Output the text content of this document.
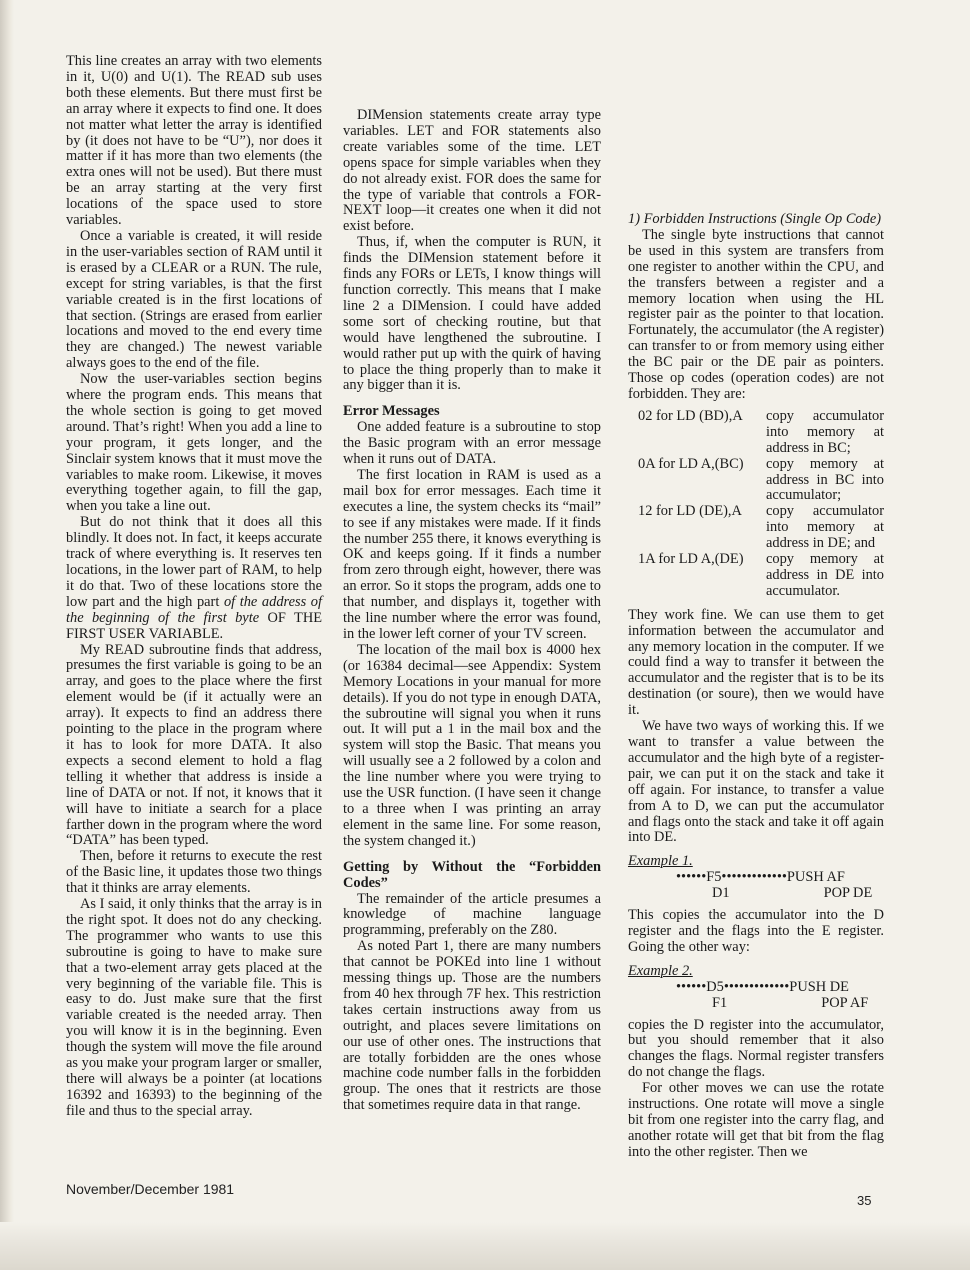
This line creates an array with two elements in it, U(0) and U(1). The READ sub uses both these elements. But there must first be an array where it expects to find one. It does not matter what letter the array is identified by (it does not have to be “U”), nor does it matter if it has more than two elements (the extra ones will not be used). But there must be an array starting at the very first locations of the space used to store variables.

Once a variable is created, it will reside in the user-variables section of RAM until it is erased by a CLEAR or a RUN. The rule, except for string variables, is that the first variable created is in the first locations of that section. (Strings are erased from earlier locations and moved to the end every time they are changed.) The newest variable always goes to the end of the file.

Now the user-variables section begins where the program ends. This means that the whole section is going to get moved around. That’s right! When you add a line to your program, it gets longer, and the Sinclair system knows that it must move the variables to make room. Likewise, it moves everything together again, to fill the gap, when you take a line out.

But do not think that it does all this blindly. It does not. In fact, it keeps accurate track of where everything is. It reserves ten locations, in the lower part of RAM, to help it do that. Two of these locations store the low part and the high part of the address of the beginning of the first byte OF THE FIRST USER VARIABLE.

My READ subroutine finds that address, presumes the first variable is going to be an array, and goes to the place where the first element would be (if it actually were an array). It expects to find an address there pointing to the place in the program where it has to look for more DATA. It also expects a second element to hold a flag telling it whether that address is inside a line of DATA or not. If not, it knows that it will have to initiate a search for a place farther down in the program where the word “DATA” has been typed.

Then, before it returns to execute the rest of the Basic line, it updates those two things that it thinks are array elements.

As I said, it only thinks that the array is in the right spot. It does not do any checking. The programmer who wants to use this subroutine is going to have to make sure that a two-element array gets placed at the very beginning of the variable file. This is easy to do. Just make sure that the first variable created is the needed array. Then you will know it is in the beginning. Even though the system will move the file around as you make your program larger or smaller, there will always be a pointer (at locations 16392 and 16393) to the beginning of the file and thus to the special array.

DIMension statements create array type variables. LET and FOR statements also create variables some of the time. LET opens space for simple variables when they do not already exist. FOR does the same for the type of variable that controls a FOR-NEXT loop—it creates one when it did not exist before.

Thus, if, when the computer is RUN, it finds the DIMension statement before it finds any FORs or LETs, I know things will function correctly. This means that I make line 2 a DIMension. I could have added some sort of checking routine, but that would have lengthened the subroutine. I would rather put up with the quirk of having to place the thing properly than to make it any bigger than it is.

Error Messages

One added feature is a subroutine to stop the Basic program with an error message when it runs out of DATA.

The first location in RAM is used as a mail box for error messages. Each time it executes a line, the system checks its “mail” to see if any mistakes were made. If it finds the number 255 there, it knows everything is OK and keeps going. If it finds a number from zero through eight, however, there was an error. So it stops the program, adds one to that number, and displays it, together with the line number where the error was found, in the lower left corner of your TV screen.

The location of the mail box is 4000 hex (or 16384 decimal—see Appendix: System Memory Locations in your manual for more details). If you do not type in enough DATA, the subroutine will signal you when it runs out. It will put a 1 in the mail box and the system will stop the Basic. That means you will usually see a 2 followed by a colon and the line number where you were trying to use the USR function. (I have seen it change to a three when I was printing an array element in the same line. For some reason, the system changed it.)

Getting by Without the “Forbidden Codes”

The remainder of the article presumes a knowledge of machine language programming, preferably on the Z80.

As noted Part 1, there are many numbers that cannot be POKEd into line 1 without messing things up. Those are the numbers from 40 hex through 7F hex. This restriction takes certain instructions away from us outright, and places severe limitations on our use of other ones. The instructions that are totally forbidden are the ones whose machine code number falls in the forbidden group. The ones that it restricts are those that sometimes require data in that range.

1) Forbidden Instructions (Single Op Code)

The single byte instructions that cannot be used in this system are transfers from one register to another within the CPU, and the transfers between a register and a memory location when using the HL register pair as the pointer to that location. Fortunately, the accumulator (the A register) can transfer to or from memory using either the BC pair or the DE pair as pointers. Those op codes (operation codes) are not forbidden. They are:

02 for LD (BD),A	copy accumulator into memory at address in BC;
0A for LD A,(BC)	copy memory at address in BC into accumulator;
12 for LD (DE),A	copy accumulator into memory at address in DE; and
1A for LD A,(DE)	copy memory at address in DE into accumulator.

They work fine. We can use them to get information between the accumulator and any memory location in the computer. If we could find a way to transfer it between the accumulator and the register that is to be its destination (or soure), then we would have it.

We have two ways of working this. If we want to transfer a value between the accumulator and the high byte of a register-pair, we can put it on the stack and take it off again. For instance, to transfer a value from A to D, we can put the accumulator and flags onto the stack and take it off again into DE.

Example 1.
••••••F5•••••••••••••PUSH AF
D1	POP DE

This copies the accumulator into the D register and the flags into the E register. Going the other way:

Example 2.
••••••D5•••••••••••••PUSH DE
F1	POP AF

copies the D register into the accumulator, but you should remember that it also changes the flags. Normal register transfers do not change the flags.

For other moves we can use the rotate instructions. One rotate will move a single bit from one register into the carry flag, and another rotate will get that bit from the flag into the other register. Then we

November/December 1981
35
